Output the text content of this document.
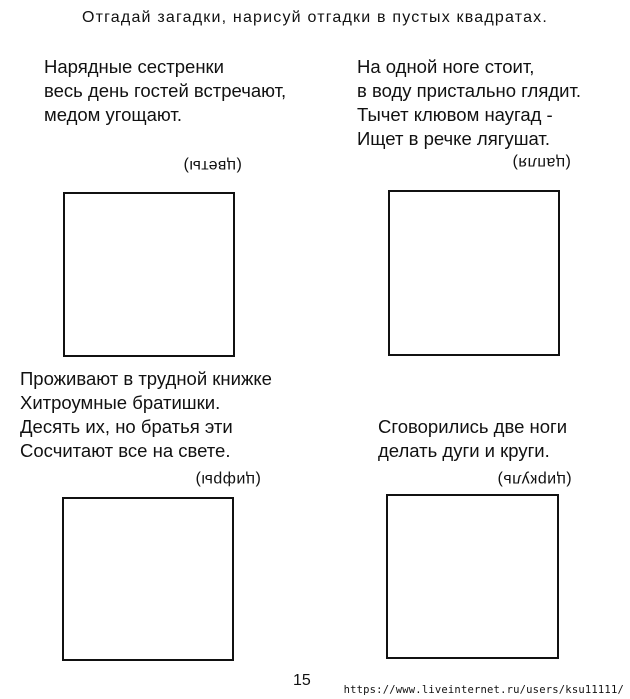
Отгадай загадки, нарисуй отгадки в пустых квадратах.
Нарядные сестренки
весь день гостей встречают,
медом угощают.
(цветы)
На одной ноге стоит,
в воду пристально глядит.
Тычет клювом наугад -
Ищет в речке лягушат.
(цапля)
Проживают в трудной книжке
Хитроумные братишки.
Десять их, но братья эти
Сосчитают все на свете.
(цифры)
Сговорились две ноги
делать дуги и круги.
(циркуль)
15
https://www.liveinternet.ru/users/ksu11111/
